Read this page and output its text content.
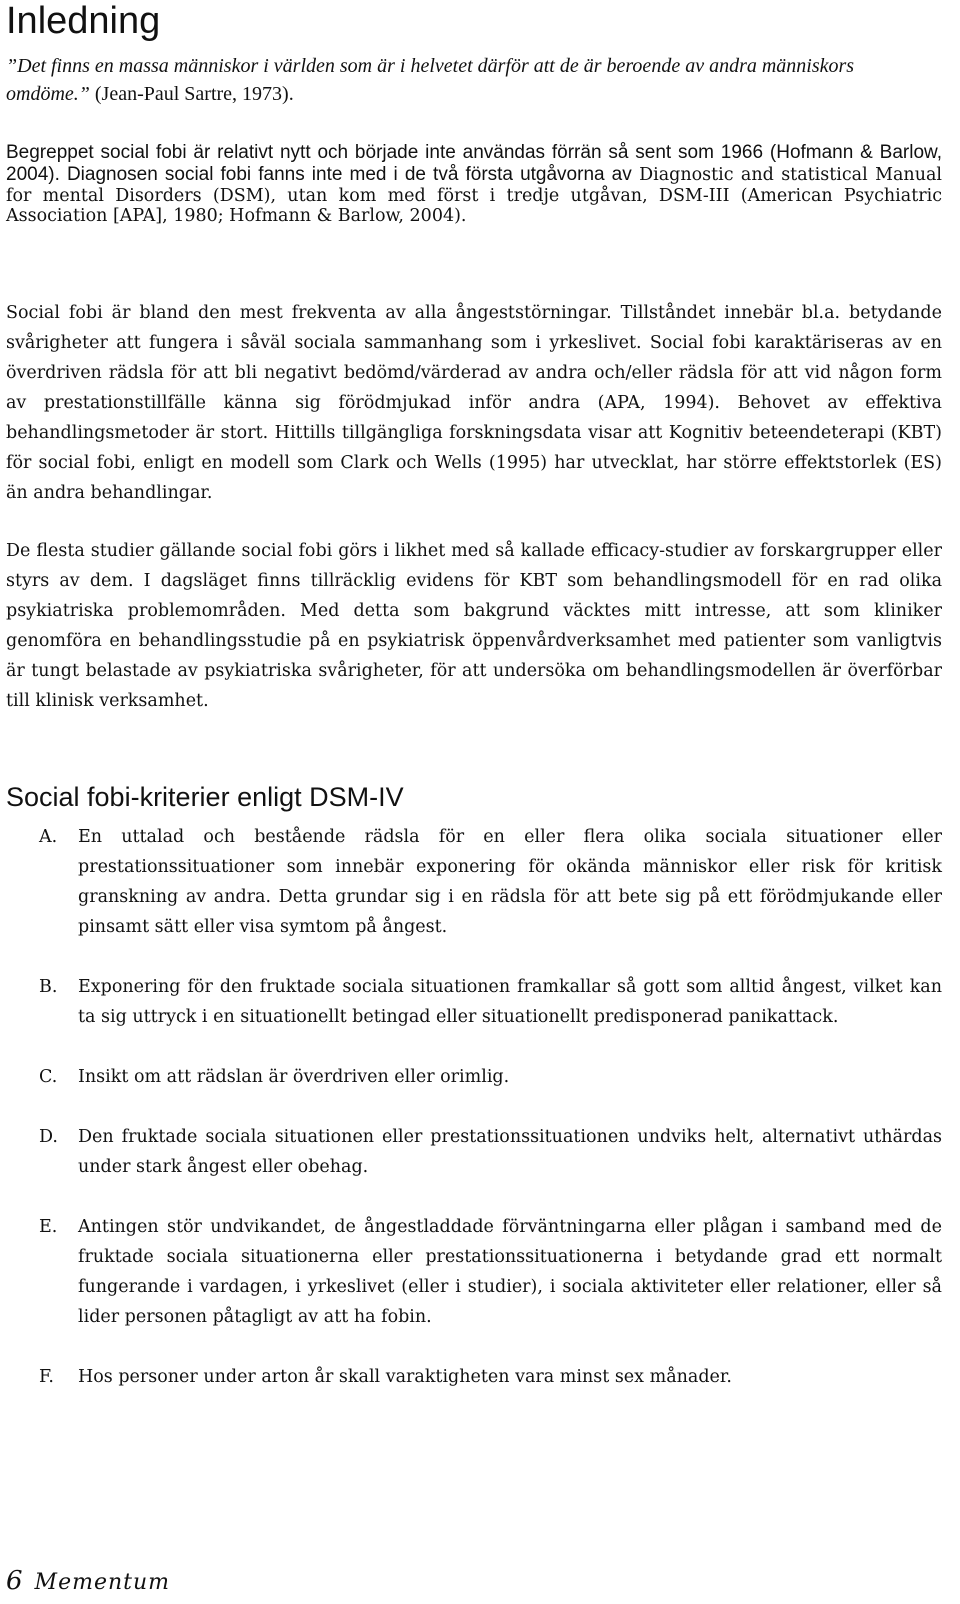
Inledning

”Det finns en massa människor i världen som är i helvetet därför att de är beroende av andra människors omdöme.” (Jean-Paul Sartre, 1973).

Begreppet social fobi är relativt nytt och började inte användas förrän så sent som 1966 (Hofmann & Barlow, 2004). Diagnosen social fobi fanns inte med i de två första utgåvorna av Diagnostic and statistical Manual for mental Disorders (DSM), utan kom med först i tredje utgåvan, DSM-III (American Psychiatric Association [APA], 1980; Hofmann & Barlow, 2004).

Social fobi är bland den mest frekventa av alla ångeststörningar. Tillståndet innebär bl.a. betydande svårigheter att fungera i såväl sociala sammanhang som i yrkeslivet. Social fobi karaktäriseras av en överdriven rädsla för att bli negativt bedömd/värderad av andra och/eller rädsla för att vid någon form av prestationstillfälle känna sig förödmjukad inför andra (APA, 1994). Behovet av effektiva behandlingsmetoder är stort. Hittills tillgängliga forskningsdata visar att Kognitiv beteendeterapi (KBT) för social fobi, enligt en modell som Clark och Wells (1995) har utvecklat, har större effektstorlek (ES) än andra behandlingar.

De flesta studier gällande social fobi görs i likhet med så kallade efficacy-studier av forskargrupper eller styrs av dem. I dagsläget finns tillräcklig evidens för KBT som behandlingsmodell för en rad olika psykiatriska problemområden. Med detta som bakgrund väcktes mitt intresse, att som kliniker genomföra en behandlingsstudie på en psykiatrisk öppenvårdverksamhet med patienter som vanligtvis är tungt belastade av psykiatriska svårigheter, för att undersöka om behandlingsmodellen är överförbar till klinisk verksamhet.

Social fobi-kriterier enligt DSM-IV
A. En uttalad och bestående rädsla för en eller flera olika sociala situationer eller prestationssituationer som innebär exponering för okända människor eller risk för kritisk granskning av andra. Detta grundar sig i en rädsla för att bete sig på ett förödmjukande eller pinsamt sätt eller visa symtom på ångest.
B. Exponering för den fruktade sociala situationen framkallar så gott som alltid ångest, vilket kan ta sig uttryck i en situationellt betingad eller situationellt predisponerad panikattack.
C. Insikt om att rädslan är överdriven eller orimlig.
D. Den fruktade sociala situationen eller prestationssituationen undviks helt, alternativt uthärdas under stark ångest eller obehag.
E. Antingen stör undvikandet, de ångestladdade förväntningarna eller plågan i samband med de fruktade sociala situationerna eller prestationssituationerna i betydande grad ett normalt fungerande i vardagen, i yrkeslivet (eller i studier), i sociala aktiviteter eller relationer, eller så lider personen påtagligt av att ha fobin.
F. Hos personer under arton år skall varaktigheten vara minst sex månader.
6 Mementum
